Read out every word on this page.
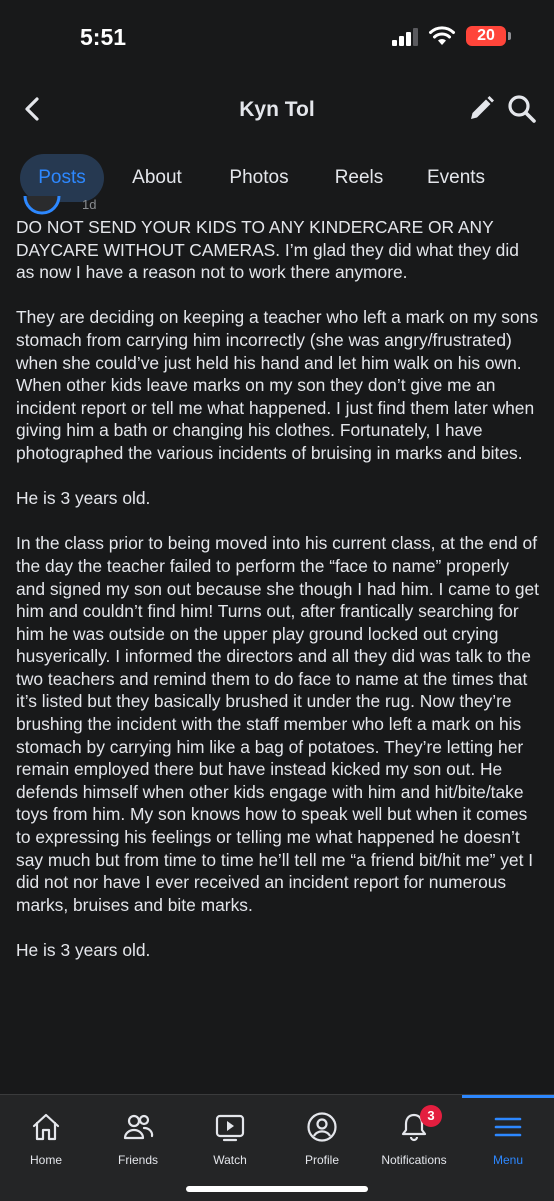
5:51	20
Kyn Tol
Posts	About	Photos	Reels	Events
1d

DO NOT SEND YOUR KIDS TO ANY KINDERCARE OR ANY DAYCARE WITHOUT CAMERAS. I’m glad they did what they did as now I have a reason not to work there anymore.

They are deciding on keeping a teacher who left a mark on my sons stomach from carrying him incorrectly (she was angry/frustrated) when she could’ve just held his hand and let him walk on his own. When other kids leave marks on my son they don’t give me an incident report or tell me what happened. I just find them later when giving him a bath or changing his clothes. Fortunately, I have photographed the various incidents of bruising in marks and bites.

He is 3 years old.

In the class prior to being moved into his current class, at the end of the day the teacher failed to perform the “face to name” properly and signed my son out because she though I had him. I came to get him and couldn’t find him! Turns out, after frantically searching for him he was outside on the upper play ground locked out crying husyerically. I informed the directors and all they did was talk to the two teachers and remind them to do face to name at the times that it’s listed but they basically brushed it under the rug. Now they’re brushing the incident with the staff member who left a mark on his stomach by carrying him like a bag of potatoes. They’re letting her remain employed there but have instead kicked my son out. He defends himself when other kids engage with him and hit/bite/take toys from him. My son knows how to speak well but when it comes to expressing his feelings or telling me what happened he doesn’t say much but from time to time he’ll tell me “a friend bit/hit me” yet I did not nor have I ever received an incident report for numerous marks, bruises and bite marks.

He is 3 years old.

Home	Friends	Watch	Profile
3
Notifications	Menu
